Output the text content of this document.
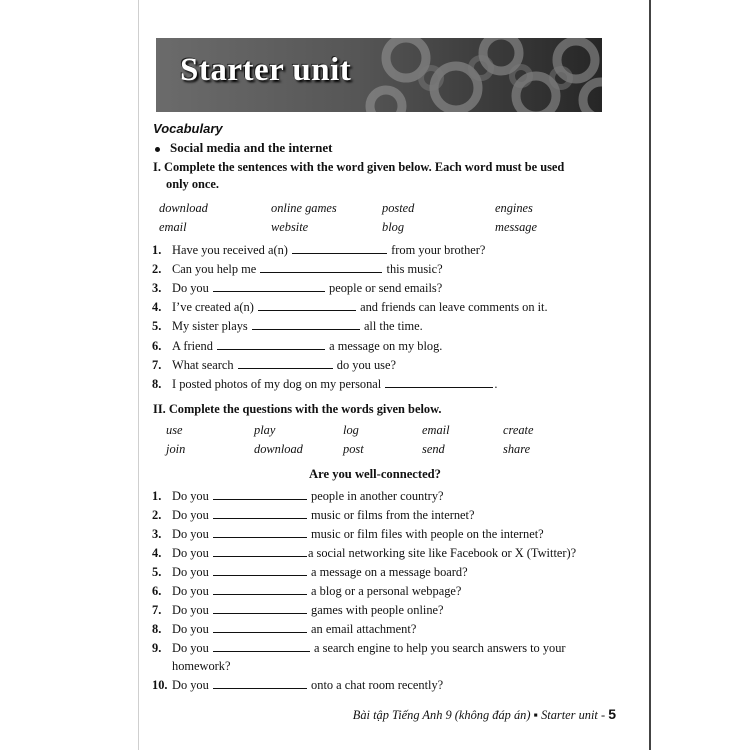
Starter unit
Vocabulary
Social media and the internet
I. Complete the sentences with the word given below. Each word must be used
only once.
download	online games	posted	engines
email	website	blog	message
1. Have you received a(n)	from your brother?
2. Can you help me	this music?
3. Do you	people or send emails?
4. I’ve created a(n)	and friends can leave comments on it.
5. My sister plays	all the time.
6. A friend	a message on my blog.
7. What search	do you use?
8. I posted photos of my dog on my personal	.
II. Complete the questions with the words given below.
use	play	log	email	create
join	download	post	send	share
Are you well-connected?
1. Do you	people in another country?
2. Do you	music or films from the internet?
3. Do you	music or film files with people on the internet?
4. Do you	a social networking site like Facebook or X (Twitter)?
5. Do you	a message on a message board?
6. Do you	a blog or a personal webpage?
7. Do you	games with people online?
8. Do you	an email attachment?
9. Do you	a search engine to help you search answers to your
homework?
10. Do you	onto a chat room recently?
Bài tập Tiếng Anh 9 (không đáp án) ▪ Starter unit - 5
